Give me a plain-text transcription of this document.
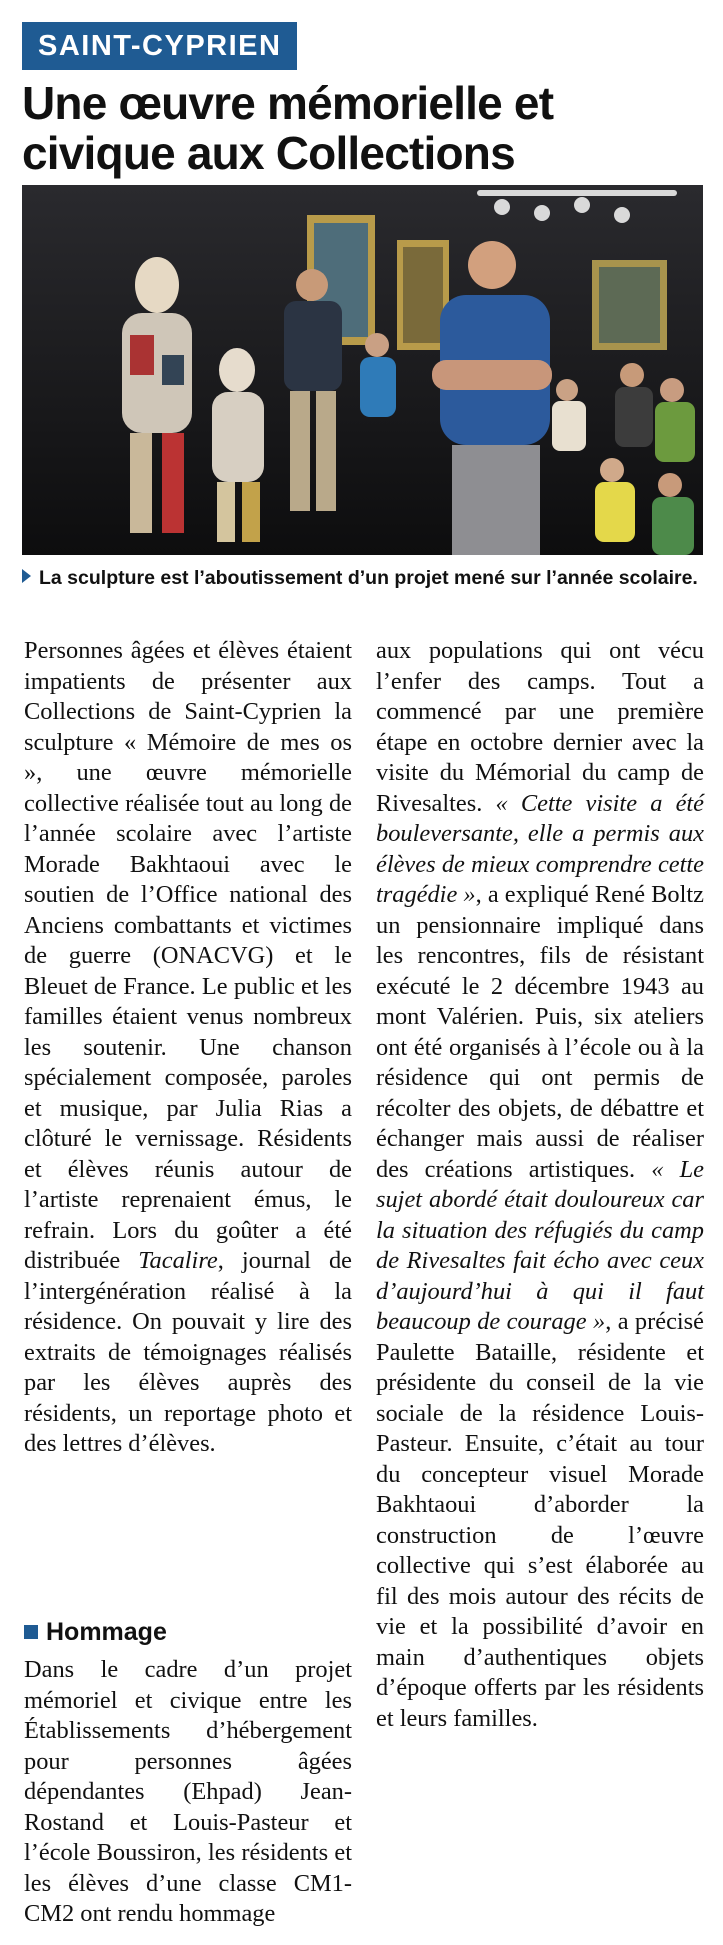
SAINT-CYPRIEN
Une œuvre mémorielle et civique aux Collections

La sculpture est l’aboutissement d’un projet mené sur l’année scolaire.

Personnes âgées et élèves étaient impatients de présenter aux Collections de Saint-Cyprien la sculpture « Mémoire de mes os », une œuvre mémorielle collective réalisée tout au long de l’année scolaire avec l’artiste Morade Bakhtaoui avec le soutien de l’Office national des Anciens combattants et victimes de guerre (ONACVG) et le Bleuet de France. Le public et les familles étaient venus nombreux les soutenir. Une chanson spécialement composée, paroles et musique, par Julia Rias a clôturé le vernissage. Résidents et élèves réunis autour de l’artiste reprenaient émus, le refrain. Lors du goûter a été distribuée Tacalire, journal de l’intergénération réalisé à la résidence. On pouvait y lire des extraits de témoignages réalisés par les élèves auprès des résidents, un reportage photo et des lettres d’élèves.

Hommage

Dans le cadre d’un projet mémoriel et civique entre les Établissements d’hébergement pour personnes âgées dépendantes (Ehpad) Jean-Rostand et Louis-Pasteur et l’école Boussiron, les résidents et les élèves d’une classe CM1-CM2 ont rendu hommage

aux populations qui ont vécu l’enfer des camps. Tout a commencé par une première étape en octobre dernier avec la visite du Mémorial du camp de Rivesaltes. « Cette visite a été bouleversante, elle a permis aux élèves de mieux comprendre cette tragédie », a expliqué René Boltz un pensionnaire impliqué dans les rencontres, fils de résistant exécuté le 2 décembre 1943 au mont Valérien. Puis, six ateliers ont été organisés à l’école ou à la résidence qui ont permis de récolter des objets, de débattre et échanger mais aussi de réaliser des créations artistiques. « Le sujet abordé était douloureux car la situation des réfugiés du camp de Rivesaltes fait écho avec ceux d’aujourd’hui à qui il faut beaucoup de courage », a précisé Paulette Bataille, résidente et présidente du conseil de la vie sociale de la résidence Louis-Pasteur. Ensuite, c’était au tour du concepteur visuel Morade Bakhtaoui d’aborder la construction de l’œuvre collective qui s’est élaborée au fil des mois autour des récits de vie et la possibilité d’avoir en main d’authentiques objets d’époque offerts par les résidents et leurs familles.
